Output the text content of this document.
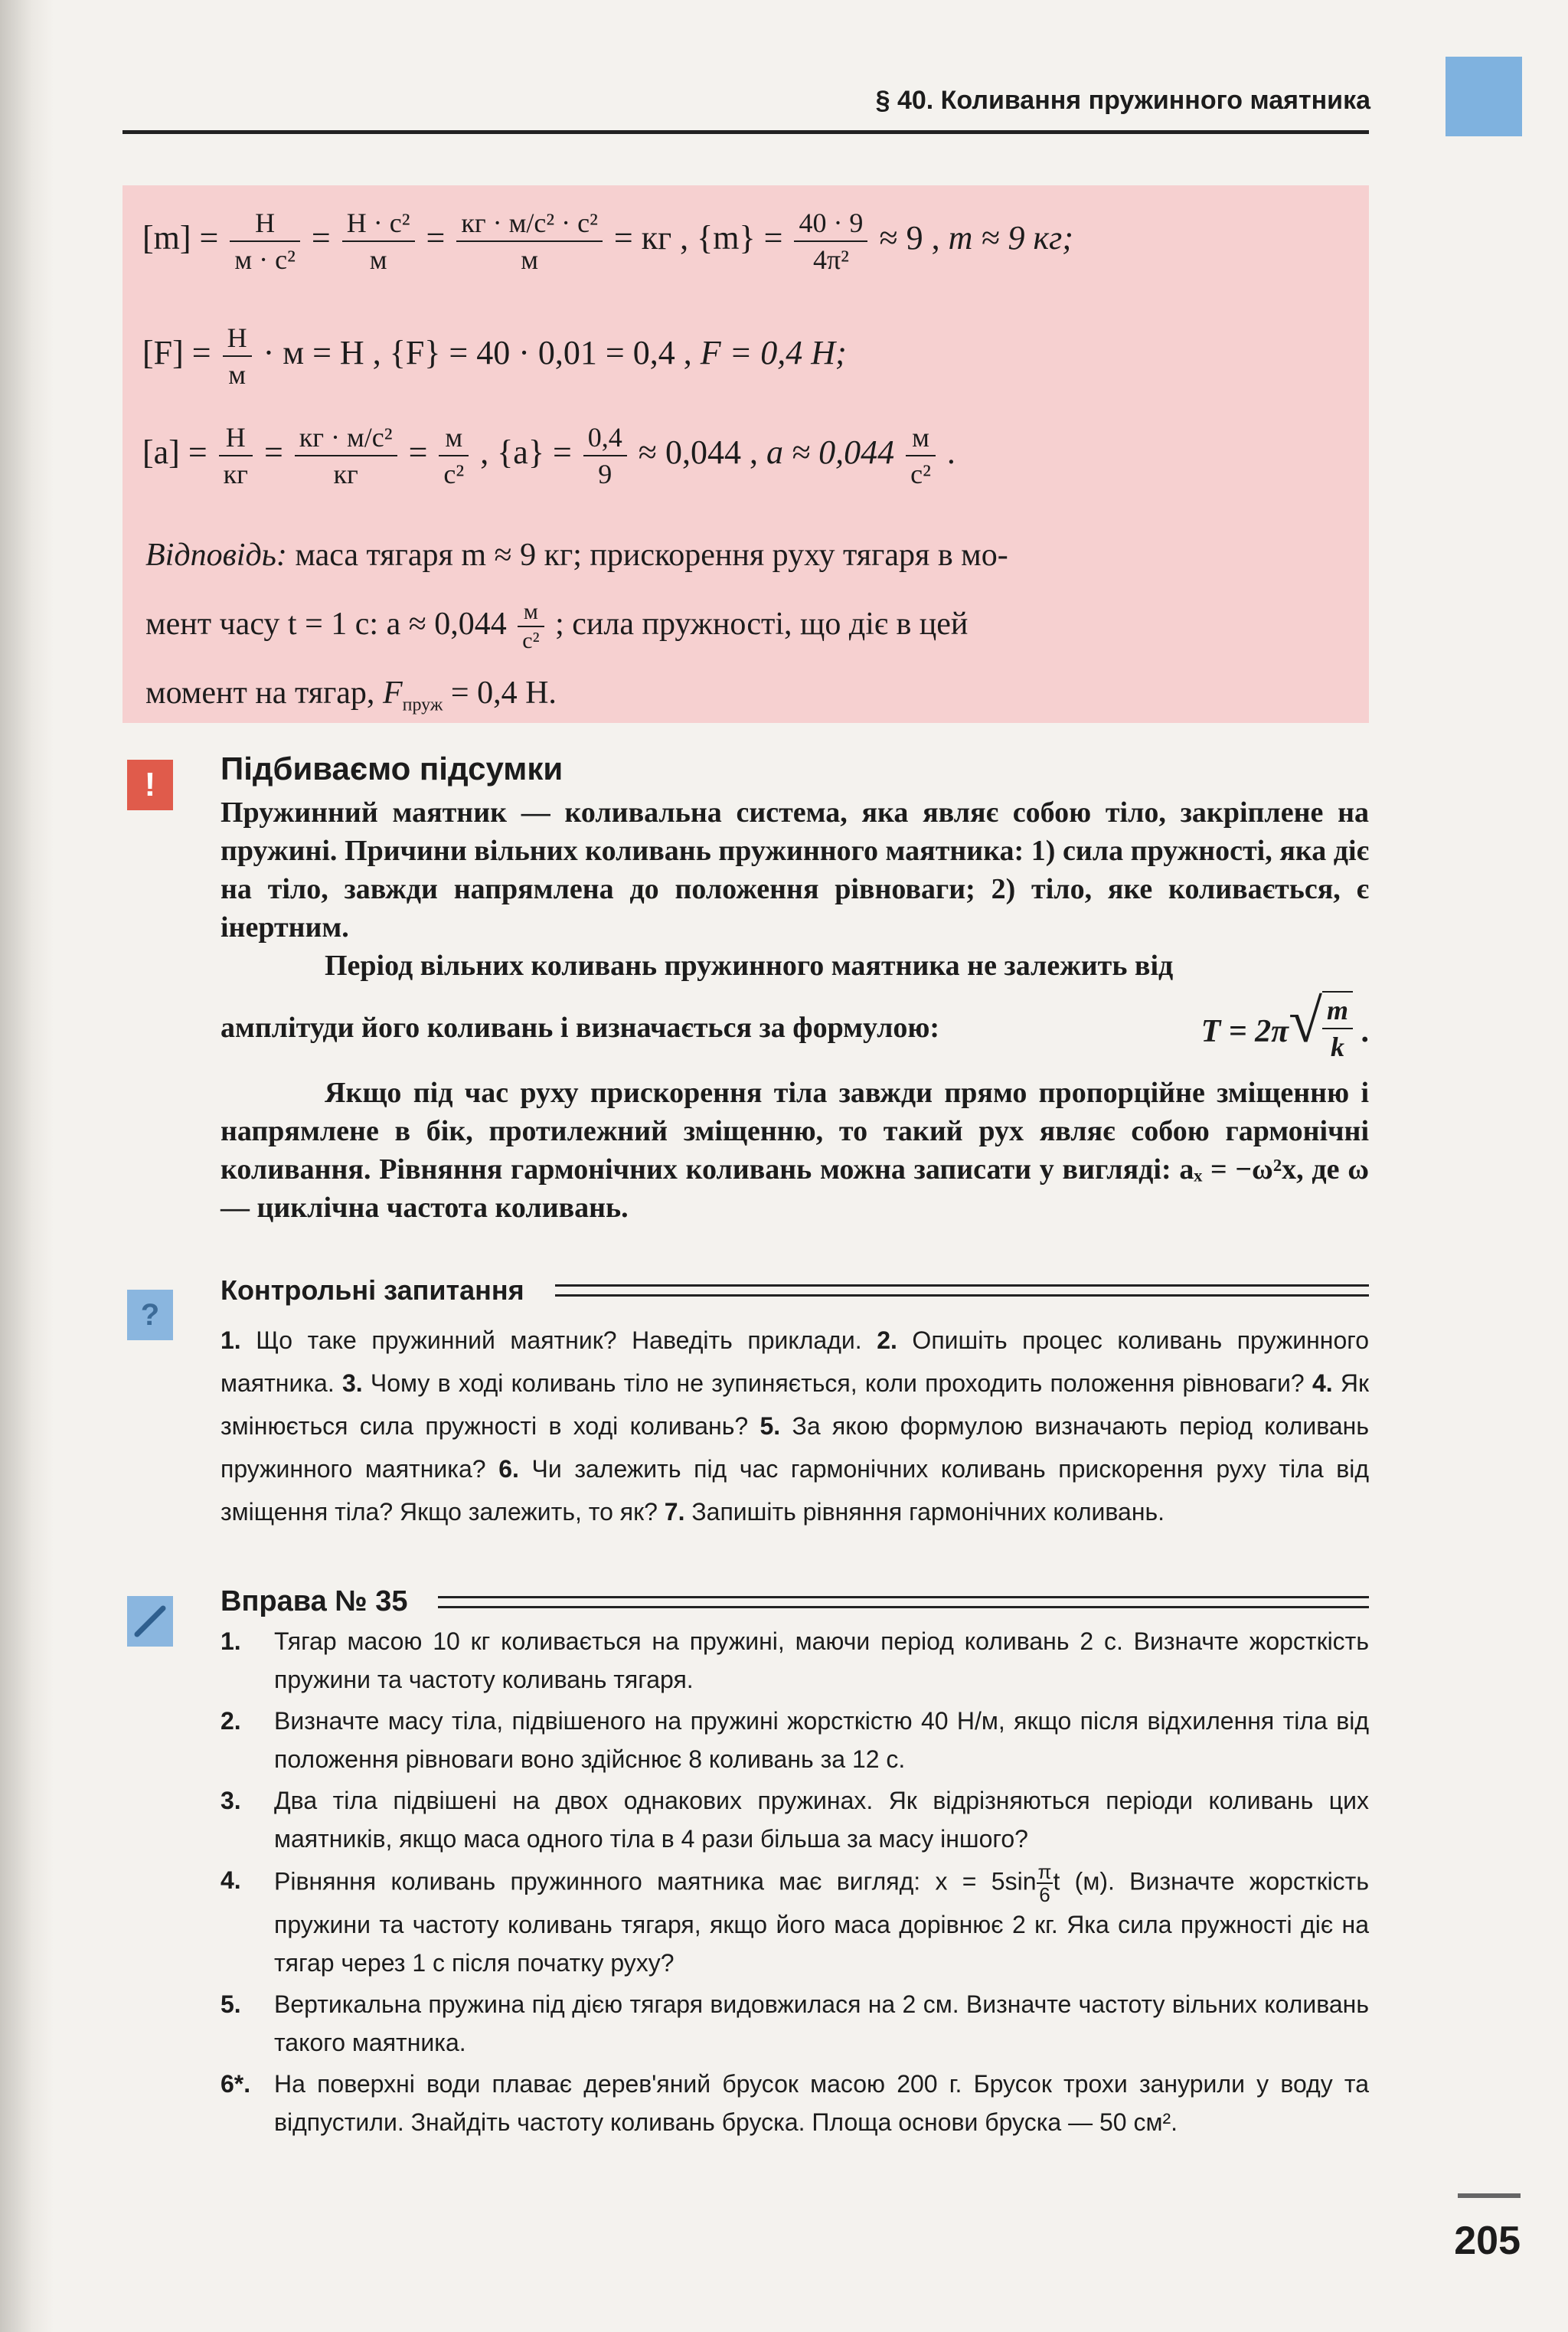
§ 40. Коливання пружинного маятника
$[m] = \frac{Н}{\text{м · с²}} = \frac{\text{Н · с²}}{м} = \frac{\text{кг · м/с² · с²}}{м}$ = кг , $\{m\} = \frac{40 \cdot 9}{\text{4π²}} \approx 9$ , m ≈ 9 кг;
$[F] = \frac{Н}{м} \cdot м = Н$ , {F} = 40 · 0,01 = 0,4 , F = 0,4 Н;
$[a] = \frac{Н}{кг} = \frac{\text{кг · м/с²}}{кг} = \frac{м}{\text{с²}}$ , $\{a\} = \frac{0,4}{9} \approx 0,044$ , $a \approx 0,044 \frac{м}{\text{с²}}$ .
Відповідь: маса тягаря m ≈ 9 кг; прискорення руху тягаря в мо-
мент часу t = 1 с: $a \approx 0,044 \frac{м}{\text{с²}}$ ; сила пружності, що діє в цей
момент на тягар, $F_{пруж} = 0,4$ Н.
!	Підбиваємо підсумки

Пружинний маятник — коливальна система, яка являє собою тіло, закріплене на пружині. Причини вільних коливань пружинного маятника: 1) сила пружності, яка діє на тіло, завжди напрямлена до положення рівноваги; 2) тіло, яке коливається, є інертним.

Період вільних коливань пружинного маятника не залежить від

амплітуди його коливань і визначається за формулою:	T = 2π √ $\frac{m}{k}$ .

Якщо під час руху прискорення тіла завжди прямо пропорційне зміщенню і напрямлене в бік, протилежний зміщенню, то такий рух являє собою гармонічні коливання. Рівняння гармонічних коливань можна записати у вигляді: aₓ = −ω²x, де ω — циклічна частота коливань.

?
Контрольні запитання
1. Що таке пружинний маятник? Наведіть приклади. 2. Опишіть процес коливань пружинного маятника. 3. Чому в ході коливань тіло не зупиняється, коли проходить положення рівноваги? 4. Як змінюється сила пружності в ході коливань? 5. За якою формулою визначають період коливань пружинного маятника? 6. Чи залежить під час гармонічних коливань прискорення руху тіла від зміщення тіла? Якщо залежить, то як? 7. Запишіть рівняння гармонічних коливань.
Вправа № 35
1.	Тягар масою 10 кг коливається на пружині, маючи період коливань 2 с. Визначте жорсткість пружини та частоту коливань тягаря.
2.	Визначте масу тіла, підвішеного на пружині жорсткістю 40 Н/м, якщо після відхилення тіла від положення рівноваги воно здійснює 8 коливань за 12 с.
3.	Два тіла підвішені на двох однакових пружинах. Як відрізняються періоди коливань цих маятників, якщо маса одного тіла в 4 рази більша за масу іншого?
4.	Рівняння коливань пружинного маятника має вигляд: $x = 5\sin \frac{\pi}{6}$ t (м). Визначте жорсткість пружини та частоту коливань тягаря, якщо його маса дорівнює 2 кг. Яка сила пружності діє на тягар через 1 с після початку руху?
5.	Вертикальна пружина під дією тягаря видовжилася на 2 см. Визначте частоту вільних коливань такого маятника.
6*. На поверхні води плаває дерев'яний брусок масою 200 г. Брусок трохи занурили у воду та відпустили. Знайдіть частоту коливань бруска. Площа основи бруска — 50 см².
205
